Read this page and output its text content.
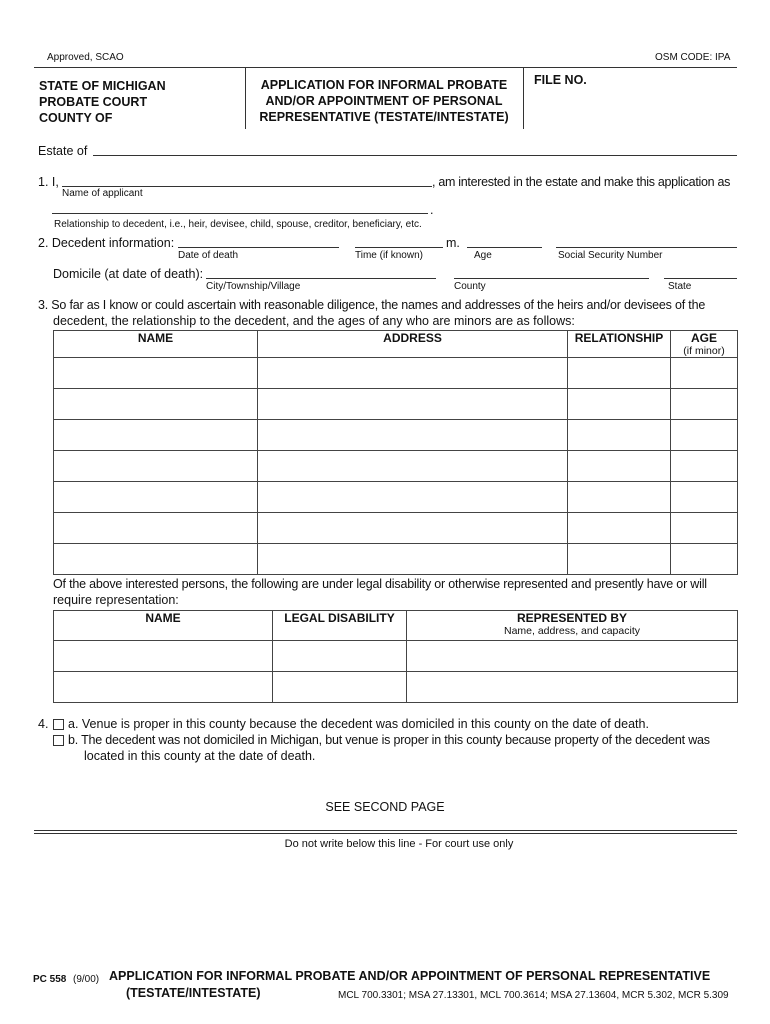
Approved, SCAO	OSM CODE: IPA
STATE OF MICHIGAN
PROBATE COURT
COUNTY OF
APPLICATION FOR INFORMAL PROBATE
AND/OR APPOINTMENT OF PERSONAL
REPRESENTATIVE (TESTATE/INTESTATE)
FILE NO.
Estate of
1. I,	, am interested in the estate and make this application as
Name of applicant
.
Relationship to decedent, i.e., heir, devisee, child, spouse, creditor, beneficiary, etc.
2. Decedent information:	m.
Date of death	Time (if known)	Age	Social Security Number
Domicile (at date of death):
City/Township/Village	County	State
3. So far as I know or could ascertain with reasonable diligence, the names and addresses of the heirs and/or devisees of the
decedent, the relationship to the decedent, and the ages of any who are minors are as follows:
NAME	ADDRESS	RELATIONSHIP	AGE
(if minor)

Of the above interested persons, the following are under legal disability or otherwise represented and presently have or will
require representation:
NAME	LEGAL DISABILITY	REPRESENTED BY
Name, address, and capacity

4. a. Venue is proper in this county because the decedent was domiciled in this county on the date of death.
b. The decedent was not domiciled in Michigan, but venue is proper in this county because property of the decedent was
located in this county at the date of death.
SEE SECOND PAGE
Do not write below this line - For court use only
PC 558 (9/00) APPLICATION FOR INFORMAL PROBATE AND/OR APPOINTMENT OF PERSONAL REPRESENTATIVE
(TESTATE/INTESTATE)	MCL 700.3301; MSA 27.13301, MCL 700.3614; MSA 27.13604, MCR 5.302, MCR 5.309
